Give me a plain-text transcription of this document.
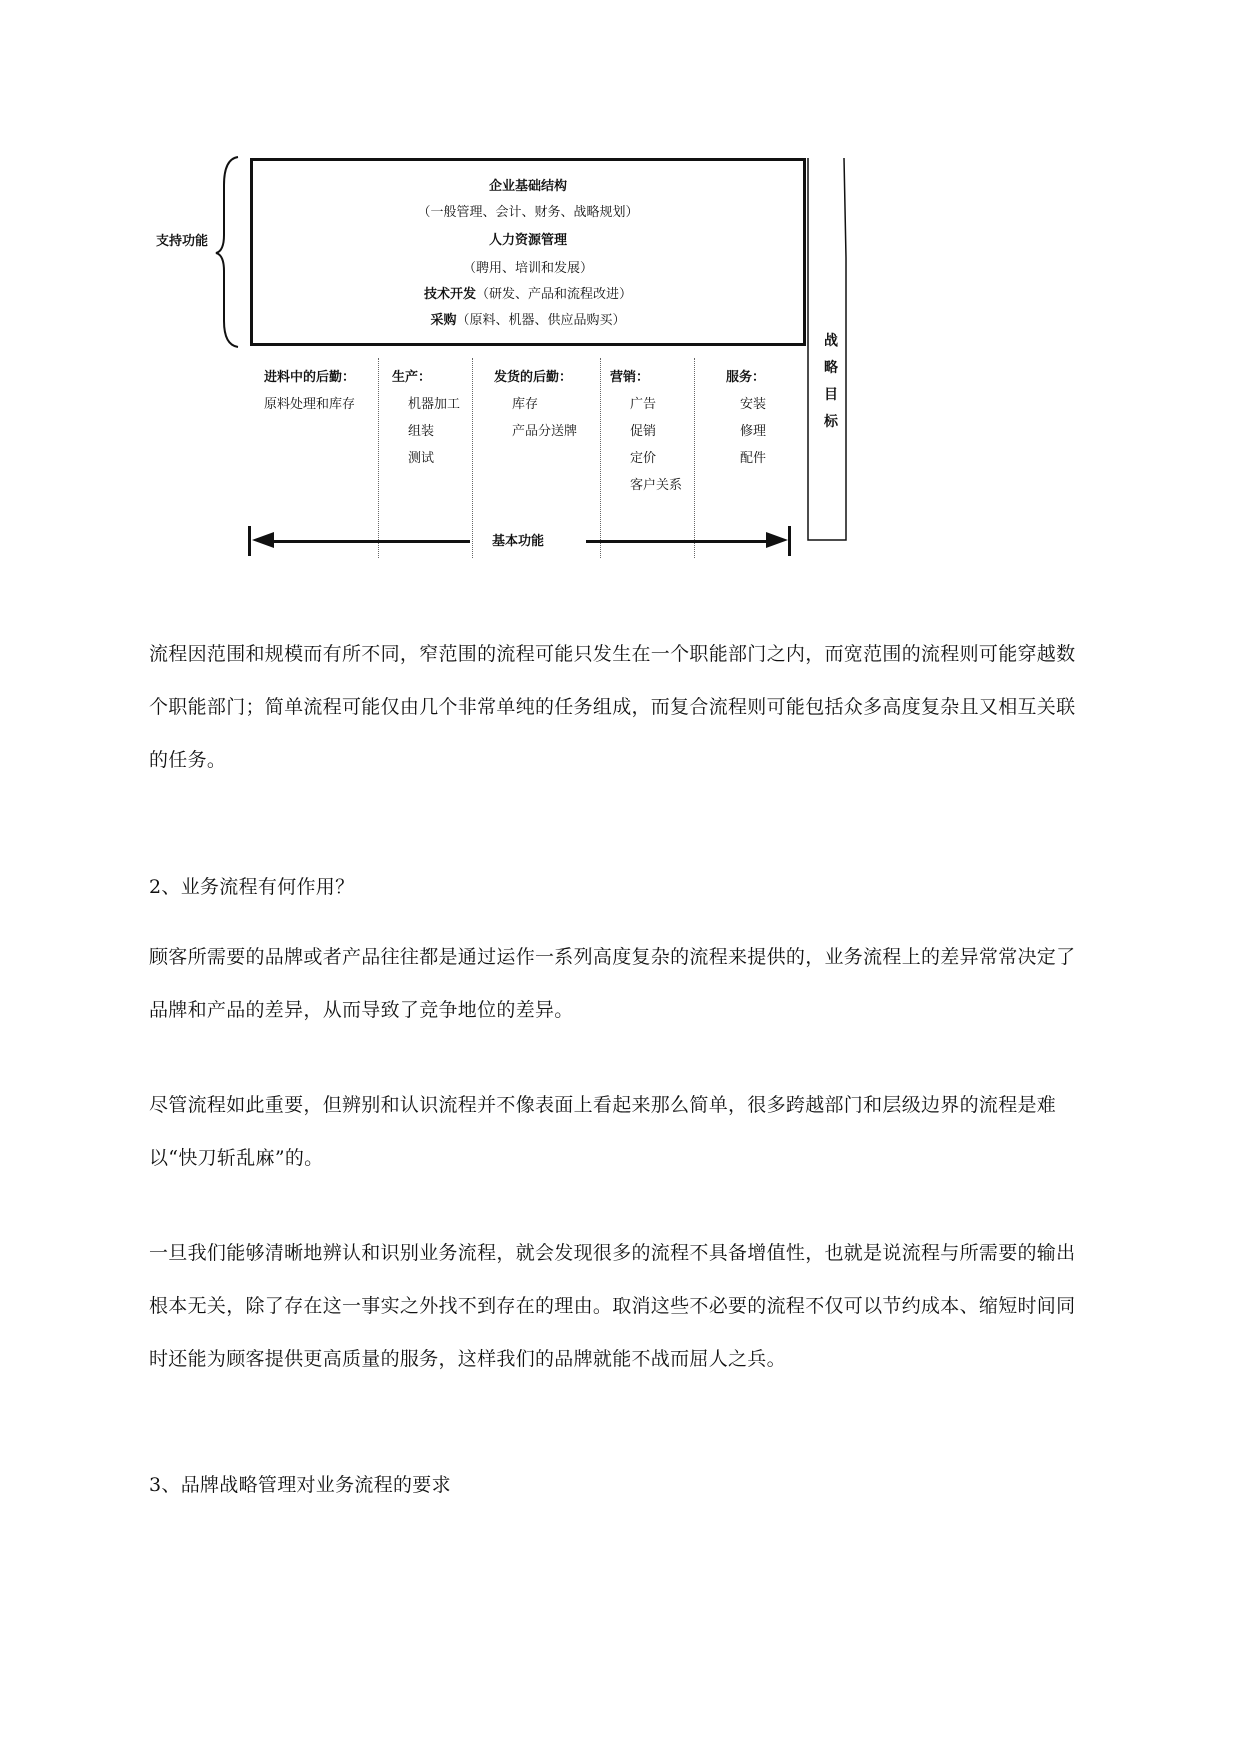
支持功能
企业基础结构
（一般管理、会计、财务、战略规划）
人力资源管理
（聘用、培训和发展）
技术开发（研发、产品和流程改进）
采购（原料、机器、供应品购买）
战
略
目
标
进料中的后勤：
原料处理和库存
生产：
机器加工
组装
测试
发货的后勤：
库存
产品分送牌
营销：
广告
促销
定价
客户关系
服务：
安装
修理
配件
基本功能
流程因范围和规模而有所不同，窄范围的流程可能只发生在一个职能部门之内，而宽范围的流程则可能穿越数个职能部门；简单流程可能仅由几个非常单纯的任务组成，而复合流程则可能包括众多高度复杂且又相互关联的任务。
2、业务流程有何作用？
顾客所需要的品牌或者产品往往都是通过运作一系列高度复杂的流程来提供的，业务流程上的差异常常决定了品牌和产品的差异，从而导致了竞争地位的差异。
尽管流程如此重要，但辨别和认识流程并不像表面上看起来那么简单，很多跨越部门和层级边界的流程是难以“快刀斩乱麻”的。
一旦我们能够清晰地辨认和识别业务流程，就会发现很多的流程不具备增值性，也就是说流程与所需要的输出根本无关，除了存在这一事实之外找不到存在的理由。取消这些不必要的流程不仅可以节约成本、缩短时间同时还能为顾客提供更高质量的服务，这样我们的品牌就能不战而屈人之兵。
3、品牌战略管理对业务流程的要求
